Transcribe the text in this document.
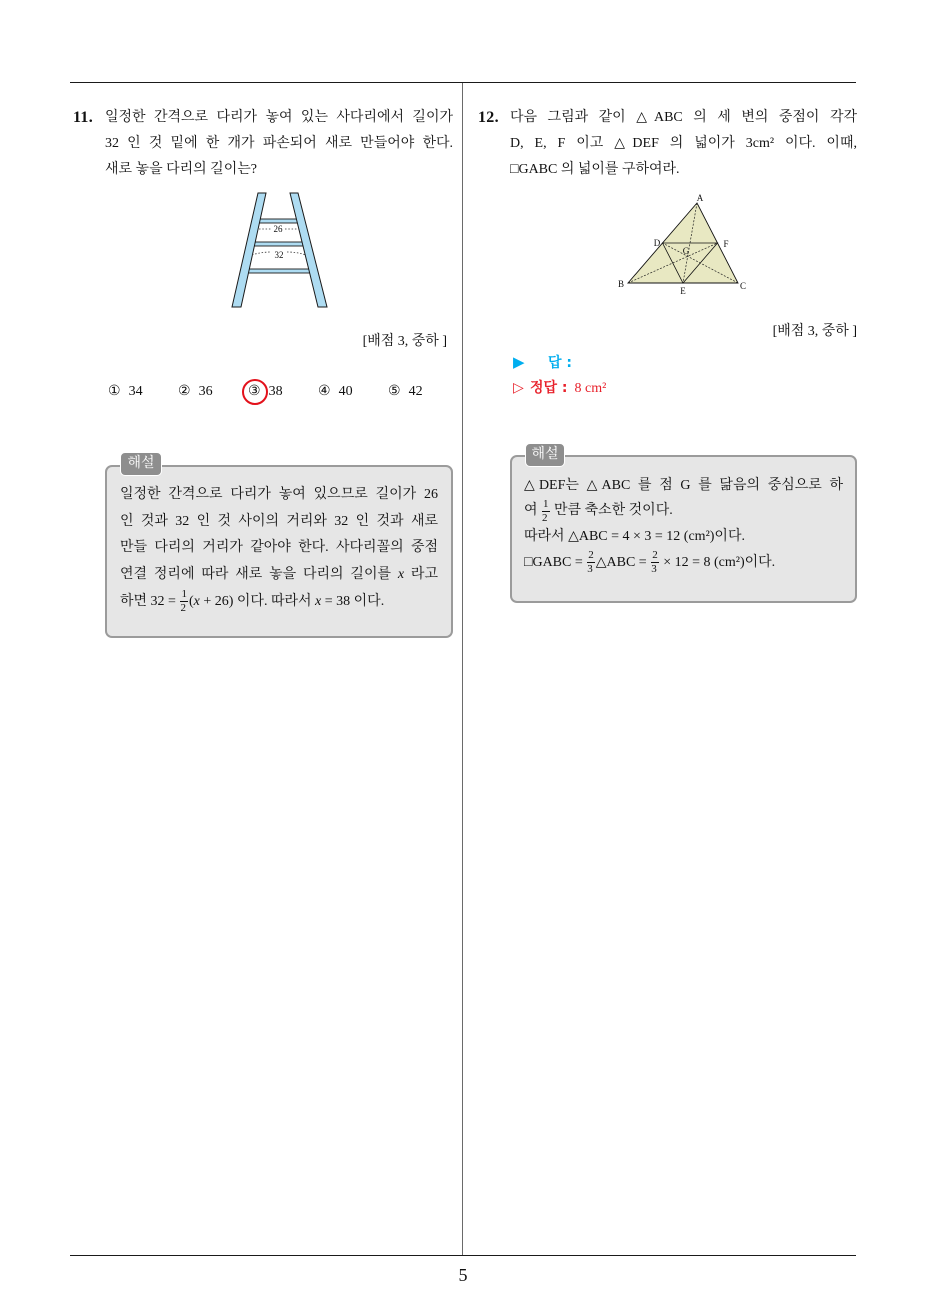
11. 일정한 간격으로 다리가 놓여 있는 사다리에서 길이가
32 인 것 밑에 한 개가 파손되어 새로 만들어야 한다.
새로 놓을 다리의 길이는?
26
32
[배점 3, 중하 ]
① 34	② 36	③ 38	④ 40	⑤ 42
일정한 간격으로 다리가 놓여 있으므로 길이가 26
인 것과 32 인 것 사이의 거리와 32 인 것과 새로
만들 다리의 거리가 같아야 한다. 사다리꼴의 중점
연결 정리에 따라 새로 놓을 다리의 길이를 x 라고
하면 $32 = \frac{1}{2} (x + 26)$ 이다. 따라서 x = 38 이다.
해설
12. 다음 그림과 같이 △ABC 의 세 변의 중점이 각각
D, E, F 이고 △DEF 의 넓이가 3cm² 이다. 이때,
□GABC 의 넓이를 구하여라.
A
B	C
D
E
F
G
[배점 3, 중하 ]
▶ 답 :
▷ 정답 : 8 cm²
△DEF는 △ABC 를 점 G 를 닮음의 중심으로 하
여 $\frac{1}{2}$ 만큼 축소한 것이다.
따라서 △ABC = 4 × 3 = 12 (cm²)이다.
□GABC = $\frac{2}{3}$ △ABC = $\frac{2}{3} \times 12 = 8$ (cm²)이다.
해설
5
